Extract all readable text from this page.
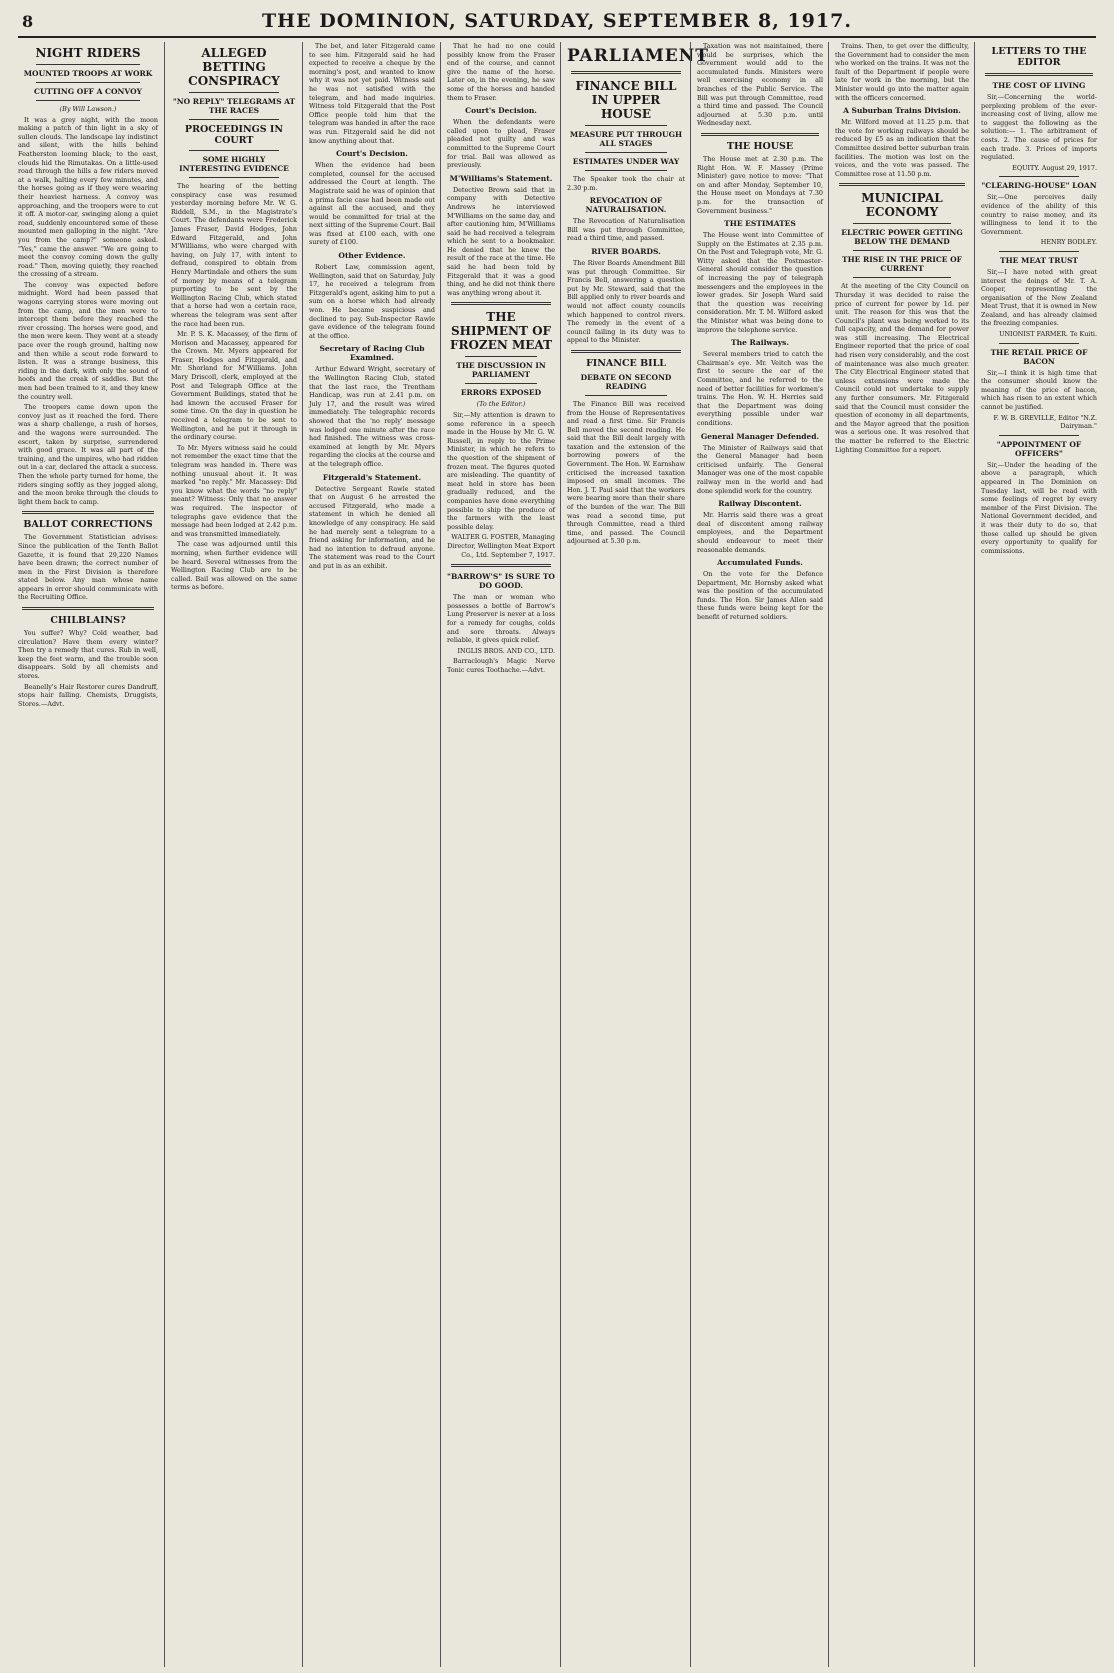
8	THE DOMINION, SATURDAY, SEPTEMBER 8, 1917.
NIGHT RIDERS
MOUNTED TROOPS AT WORK
CUTTING OFF A CONVOY
(By Will Lawson.)

It was a grey night, with the moon making a patch of thin light in a sky of sullen clouds. The landscape lay indistinct and silent, with the hills behind Featherston looming black; to the east, clouds hid the Rimutakas. On a little-used road through the hills a few riders moved at a walk, halting every few minutes, and the horses going as if they were wearing their heaviest harness. A convoy was approaching, and the troopers were to cut it off. A motor-car, swinging along a quiet road, suddenly encountered some of these mounted men galloping in the night. "Are you from the camp?" someone asked. "Yes," came the answer. "We are going to meet the convoy coming down the gully road." Then, moving quietly, they reached the crossing of a stream.

The convoy was expected before midnight. Word had been passed that wagons carrying stores were moving out from the camp, and the men were to intercept them before they reached the river crossing. The horses were good, and the men were keen. They went at a steady pace over the rough ground, halting now and then while a scout rode forward to listen. It was a strange business, this riding in the dark, with only the sound of hoofs and the creak of saddles. But the men had been trained to it, and they knew the country well.

The troopers came down upon the convoy just as it reached the ford. There was a sharp challenge, a rush of horses, and the wagons were surrounded. The escort, taken by surprise, surrendered with good grace. It was all part of the training, and the umpires, who had ridden out in a car, declared the attack a success. Then the whole party turned for home, the riders singing softly as they jogged along, and the moon broke through the clouds to light them back to camp.

BALLOT CORRECTIONS

The Government Statistician advises: Since the publication of the Tenth Ballot Gazette, it is found that 29,220 Names have been drawn; the correct number of men in the First Division is therefore stated below. Any man whose name appears in error should communicate with the Recruiting Office.

CHILBLAINS?

You suffer? Why? Cold weather, bad circulation? Have them every winter? Then try a remedy that cures. Rub in well, keep the feet warm, and the trouble soon disappears. Sold by all chemists and stores.

Beanelly's Hair Restorer cures Dandruff, stops hair falling. Chemists, Druggists, Stores.—Advt.

ALLEGED BETTING CONSPIRACY
"NO REPLY" TELEGRAMS AT THE RACES
PROCEEDINGS IN COURT
SOME HIGHLY INTERESTING EVIDENCE

The hearing of the betting conspiracy case was resumed yesterday morning before Mr. W. G. Riddell, S.M., in the Magistrate's Court. The defendants were Frederick James Fraser, David Hodges, John Edward Fitzgerald, and John M'Williams, who were charged with having, on July 17, with intent to defraud, conspired to obtain from Henry Martindale and others the sum of money by means of a telegram purporting to be sent by the Wellington Racing Club, which stated that a horse had won a certain race, whereas the telegram was sent after the race had been run.

Mr. P. S. K. Macassey, of the firm of Morison and Macassey, appeared for the Crown. Mr. Myers appeared for Fraser, Hodges and Fitzgerald, and Mr. Shorland for M'Williams. John Mary Driscoll, clerk, employed at the Post and Telegraph Office at the Government Buildings, stated that he had known the accused Fraser for some time. On the day in question he received a telegram to be sent to Wellington, and he put it through in the ordinary course.

To Mr. Myers witness said he could not remember the exact time that the telegram was handed in. There was nothing unusual about it. It was marked "no reply." Mr. Macassey: Did you know what the words "no reply" meant? Witness: Only that no answer was required. The inspector of telegraphs gave evidence that the message had been lodged at 2.42 p.m. and was transmitted immediately.

The case was adjourned until this morning, when further evidence will be heard. Several witnesses from the Wellington Racing Club are to be called. Bail was allowed on the same terms as before.

The bet, and later Fitzgerald came to see him. Fitzgerald said he had expected to receive a cheque by the morning's post, and wanted to know why it was not yet paid. Witness said he was not satisfied with the telegram, and had made inquiries. Witness told Fitzgerald that the Post Office people told him that the telegram was handed in after the race was run. Fitzgerald said he did not know anything about that.

Court's Decision.

When the evidence had been completed, counsel for the accused addressed the Court at length. The Magistrate said he was of opinion that a prima facie case had been made out against all the accused, and they would be committed for trial at the next sitting of the Supreme Court. Bail was fixed at £100 each, with one surety of £100.

Other Evidence.

Robert Law, commission agent, Wellington, said that on Saturday, July 17, he received a telegram from Fitzgerald's agent, asking him to put a sum on a horse which had already won. He became suspicious and declined to pay. Sub-Inspector Rawle gave evidence of the telegram found at the office.

Secretary of Racing Club Examined.

Arthur Edward Wright, secretary of the Wellington Racing Club, stated that the last race, the Trentham Handicap, was run at 2.41 p.m. on July 17, and the result was wired immediately. The telegraphic records showed that the 'no reply' message was lodged one minute after the race had finished. The witness was cross-examined at length by Mr. Myers regarding the clocks at the course and at the telegraph office.

Fitzgerald's Statement.

Detective Sergeant Rawle stated that on August 6 he arrested the accused Fitzgerald, who made a statement in which he denied all knowledge of any conspiracy. He said he had merely sent a telegram to a friend asking for information, and he had no intention to defraud anyone. The statement was read to the Court and put in as an exhibit.

That he had no one could possibly know from the Fraser end of the course, and cannot give the name of the horse. Later on, in the evening, he saw some of the horses and handed them to Fraser.

Court's Decision.

When the defendants were called upon to plead, Fraser pleaded not guilty and was committed to the Supreme Court for trial. Bail was allowed as previously.

M'Williams's Statement.

Detective Brown said that in company with Detective Andrews he interviewed M'Williams on the same day, and after cautioning him, M'Williams said he had received a telegram which he sent to a bookmaker. He denied that he knew the result of the race at the time. He said he had been told by Fitzgerald that it was a good thing, and he did not think there was anything wrong about it.

THE SHIPMENT OF FROZEN MEAT
THE DISCUSSION IN PARLIAMENT
ERRORS EXPOSED
(To the Editor.)

Sir,—My attention is drawn to some reference in a speech made in the House by Mr. G. W. Russell, in reply to the Prime Minister, in which he refers to the question of the shipment of frozen meat. The figures quoted are misleading. The quantity of meat held in store has been gradually reduced, and the companies have done everything possible to ship the produce of the farmers with the least possible delay.

WALTER G. FOSTER, Managing Director, Wellington Meat Export Co., Ltd. September 7, 1917.
"BARROW'S" IS SURE TO DO GOOD.

The man or woman who possesses a bottle of Barrow's Lung Preserver is never at a loss for a remedy for coughs, colds and sore throats. Always reliable, it gives quick relief.

INGLIS BROS. AND CO., LTD.

Barraclough's Magic Nerve Tonic cures Toothache.—Advt.

PARLIAMENT
FINANCE BILL IN UPPER HOUSE
MEASURE PUT THROUGH ALL STAGES
ESTIMATES UNDER WAY

The Speaker took the chair at 2.30 p.m.

REVOCATION OF NATURALISATION.

The Revocation of Naturalisation Bill was put through Committee, read a third time, and passed.

RIVER BOARDS.

The River Boards Amendment Bill was put through Committee. Sir Francis Bell, answering a question put by Mr. Steward, said that the Bill applied only to river boards and would not affect county councils which happened to control rivers. The remedy in the event of a council failing in its duty was to appeal to the Minister.

FINANCE BILL
DEBATE ON SECOND READING

The Finance Bill was received from the House of Representatives and read a first time. Sir Francis Bell moved the second reading. He said that the Bill dealt largely with taxation and the extension of the borrowing powers of the Government. The Hon. W. Earnshaw criticised the increased taxation imposed on small incomes. The Hon. J. T. Paul said that the workers were bearing more than their share of the burden of the war. The Bill was read a second time, put through Committee, read a third time, and passed. The Council adjourned at 5.30 p.m.

Taxation was not maintained, there would be surprises, which the Government would add to the accumulated funds. Ministers were well exercising economy in all branches of the Public Service. The Bill was put through Committee, read a third time and passed. The Council adjourned at 5.30 p.m. until Wednesday next.

THE HOUSE

The House met at 2.30 p.m. The Right Hon. W. F. Massey (Prime Minister) gave notice to move: "That on and after Monday, September 10, the House meet on Mondays at 7.30 p.m. for the transaction of Government business."

THE ESTIMATES

The House went into Committee of Supply on the Estimates at 2.35 p.m. On the Post and Telegraph vote, Mr. G. Witty asked that the Postmaster-General should consider the question of increasing the pay of telegraph messengers and the employees in the lower grades. Sir Joseph Ward said that the question was receiving consideration. Mr. T. M. Wilford asked the Minister what was being done to improve the telephone service.

The Railways.

Several members tried to catch the Chairman's eye. Mr. Veitch was the first to secure the ear of the Committee, and he referred to the need of better facilities for workmen's trains. The Hon. W. H. Herries said that the Department was doing everything possible under war conditions.

General Manager Defended.

The Minister of Railways said that the General Manager had been criticised unfairly. The General Manager was one of the most capable railway men in the world and had done splendid work for the country.

Railway Discontent.

Mr. Harris said there was a great deal of discontent among railway employees, and the Department should endeavour to meet their reasonable demands.

Accumulated Funds.

On the vote for the Defence Department, Mr. Hornsby asked what was the position of the accumulated funds. The Hon. Sir James Allen said these funds were being kept for the benefit of returned soldiers.

Trains. Then, to get over the difficulty, the Government had to consider the men who worked on the trains. It was not the fault of the Department if people were late for work in the morning, but the Minister would go into the matter again with the officers concerned.

A Suburban Trains Division.

Mr. Wilford moved at 11.25 p.m. that the vote for working railways should be reduced by £5 as an indication that the Committee desired better suburban train facilities. The motion was lost on the voices, and the vote was passed. The Committee rose at 11.50 p.m.

MUNICIPAL ECONOMY
ELECTRIC POWER GETTING BELOW THE DEMAND
THE RISE IN THE PRICE OF CURRENT

At the meeting of the City Council on Thursday it was decided to raise the price of current for power by 1d. per unit. The reason for this was that the Council's plant was being worked to its full capacity, and the demand for power was still increasing. The Electrical Engineer reported that the price of coal had risen very considerably, and the cost of maintenance was also much greater. The City Electrical Engineer stated that unless extensions were made the Council could not undertake to supply any further consumers. Mr. Fitzgerald said that the Council must consider the question of economy in all departments, and the Mayor agreed that the position was a serious one. It was resolved that the matter be referred to the Electric Lighting Committee for a report.

LETTERS TO THE EDITOR
THE COST OF LIVING

Sir,—Concerning the world-perplexing problem of the ever-increasing cost of living, allow me to suggest the following as the solution:— 1. The arbitrament of costs. 2. The cause of prices for each trade. 3. Prices of imports regulated.

EQUITY. August 29, 1917.
"CLEARING-HOUSE" LOAN

Sir,—One perceives daily evidence of the ability of this country to raise money, and its willingness to lend it to the Government.

HENRY BODLEY.
THE MEAT TRUST

Sir,—I have noted with great interest the doings of Mr. T. A. Cooper, representing the organisation of the New Zealand Meat Trust, that it is owned in New Zealand, and has already claimed the freezing companies.

UNIONIST FARMER. Te Kuiti.
THE RETAIL PRICE OF BACON

Sir,—I think it is high time that the consumer should know the meaning of the price of bacon, which has risen to an extent which cannot be justified.

F. W. B. GREVILLE, Editor "N.Z. Dairyman."
"APPOINTMENT OF OFFICERS"

Sir,—Under the heading of the above a paragraph, which appeared in The Dominion on Tuesday last, will be read with some feelings of regret by every member of the First Division. The National Government decided, and it was their duty to do so, that those called up should be given every opportunity to qualify for commissions.
